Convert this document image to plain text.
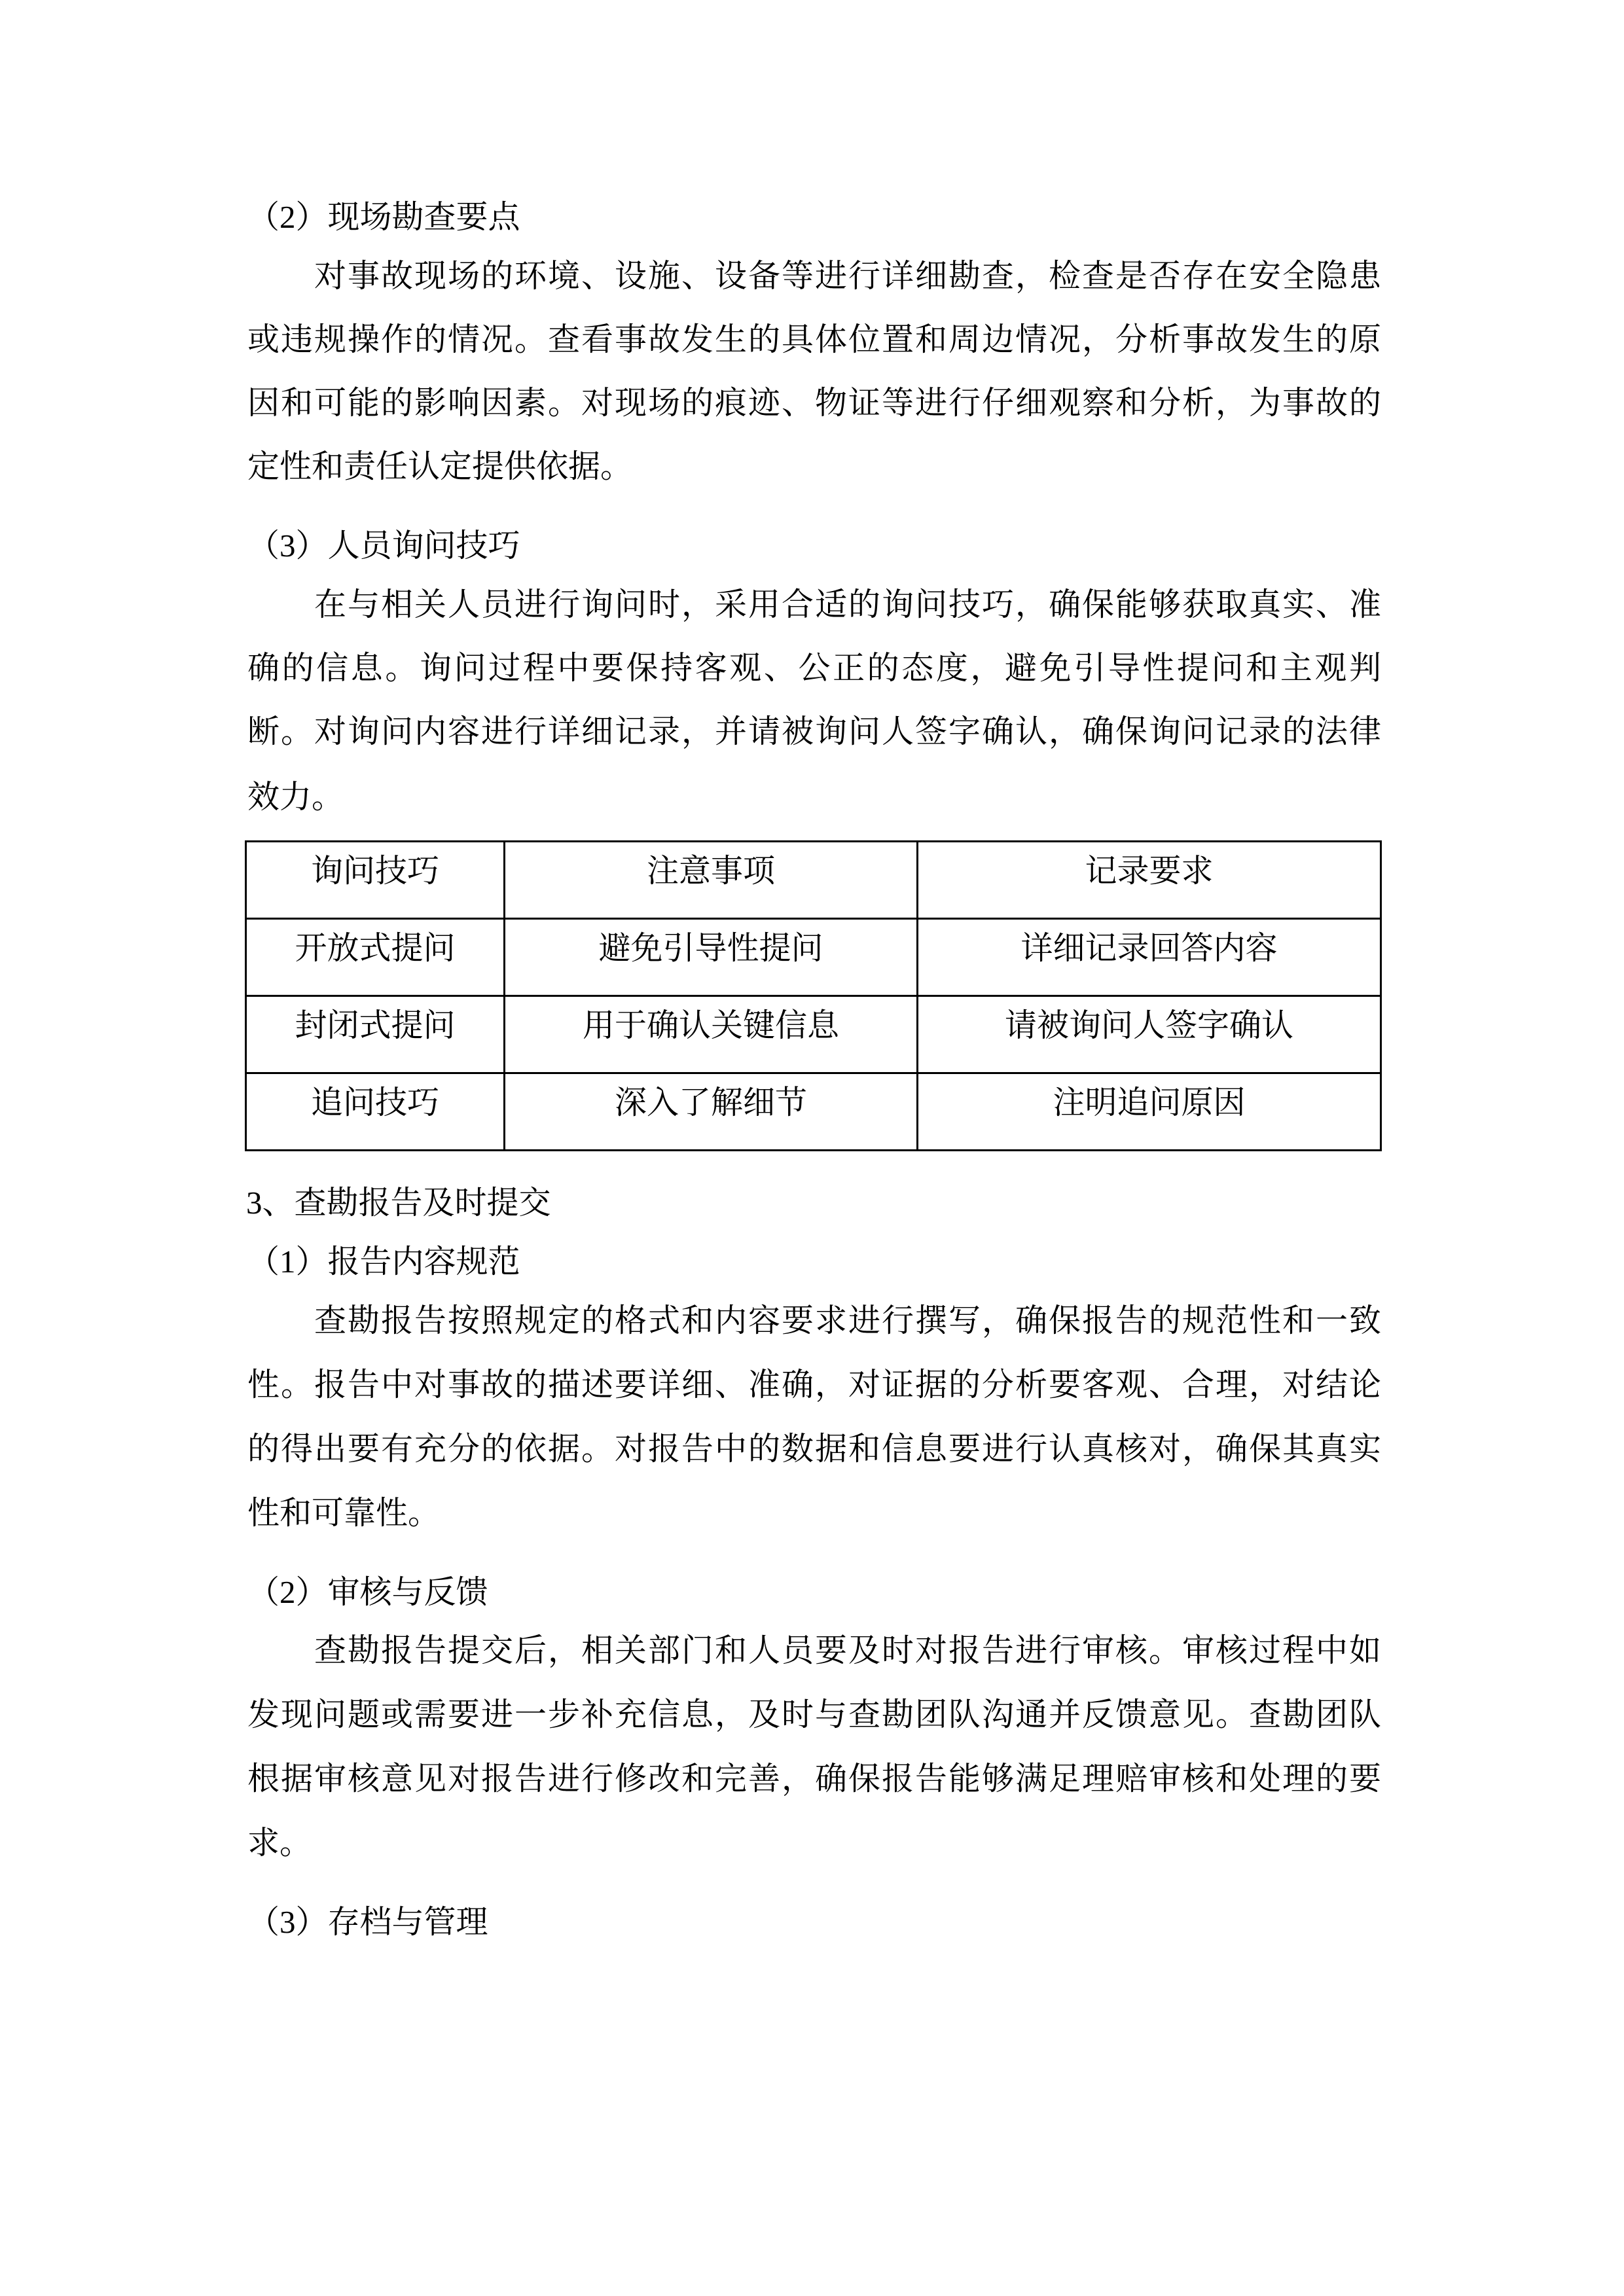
（2）现场勘查要点
对事故现场的环境、设施、设备等进行详细勘查，检查是否存在安全隐患
或违规操作的情况。查看事故发生的具体位置和周边情况，分析事故发生的原
因和可能的影响因素。对现场的痕迹、物证等进行仔细观察和分析，为事故的
定性和责任认定提供依据。
（3）人员询问技巧
在与相关人员进行询问时，采用合适的询问技巧，确保能够获取真实、准
确的信息。询问过程中要保持客观、公正的态度，避免引导性提问和主观判
断。对询问内容进行详细记录，并请被询问人签字确认，确保询问记录的法律
效力。
询问技巧	注意事项	记录要求
开放式提问	避免引导性提问	详细记录回答内容
封闭式提问	用于确认关键信息	请被询问人签字确认
追问技巧	深入了解细节	注明追问原因
3、查勘报告及时提交
（1）报告内容规范
查勘报告按照规定的格式和内容要求进行撰写，确保报告的规范性和一致
性。报告中对事故的描述要详细、准确，对证据的分析要客观、合理，对结论
的得出要有充分的依据。对报告中的数据和信息要进行认真核对，确保其真实
性和可靠性。
（2）审核与反馈
查勘报告提交后，相关部门和人员要及时对报告进行审核。审核过程中如
发现问题或需要进一步补充信息，及时与查勘团队沟通并反馈意见。查勘团队
根据审核意见对报告进行修改和完善，确保报告能够满足理赔审核和处理的要
求。
（3）存档与管理
